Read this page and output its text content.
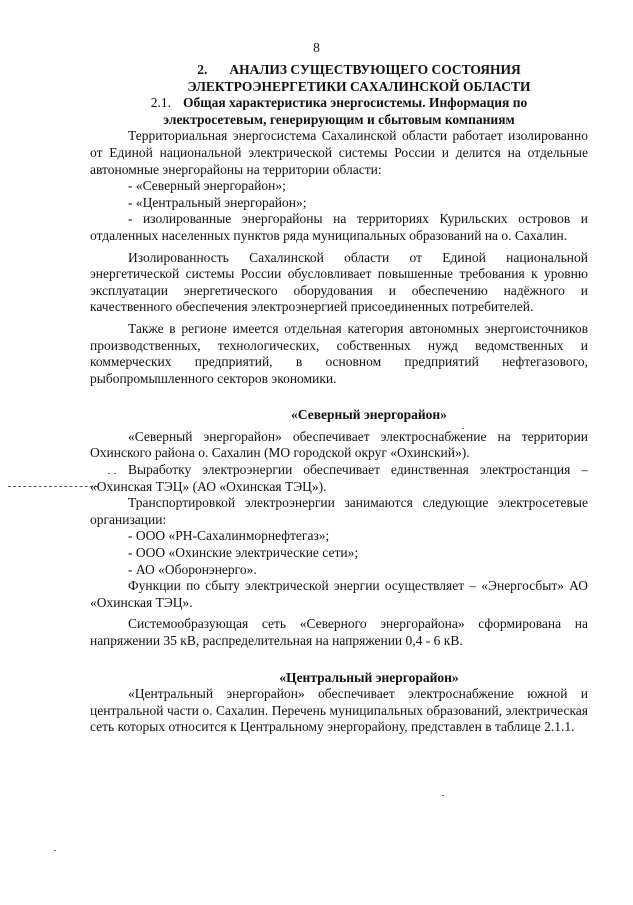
8
2. АНАЛИЗ СУЩЕСТВУЮЩЕГО СОСТОЯНИЯ
ЭЛЕКТРОЭНЕРГЕТИКИ САХАЛИНСКОЙ ОБЛАСТИ
2.1. Общая характеристика энергосистемы. Информация по
электросетевым, генерирующим и сбытовым компаниям

Территориальная энергосистема Сахалинской области работает изолированно от Единой национальной электрической системы России и делится на отдельные автономные энергорайоны на территории области:

- «Северный энергорайон»;

- «Центральный энергорайон»;

- изолированные энергорайоны на территориях Курильских островов и отдаленных населенных пунктов ряда муниципальных образований на о. Сахалин.

Изолированность Сахалинской области от Единой национальной энергетической системы России обусловливает повышенные требования к уровню эксплуатации энергетического оборудования и обеспечению надёжного и качественного обеспечения электроэнергией присоединенных потребителей.

Также в регионе имеется отдельная категория автономных энергоисточников производственных, технологических, собственных нужд ведомственных и коммерческих предприятий, в основном предприятий нефтегазового, рыбопромышленного секторов экономики.

«Северный энергорайон»

«Северный энергорайон» обеспечивает электроснабжение на территории Охинского района о. Сахалин (МО городской округ «Охинский»).

Выработку электроэнергии обеспечивает единственная электростанция – «Охинская ТЭЦ» (АО «Охинская ТЭЦ»).

Транспортировкой электроэнергии занимаются следующие электросетевые организации:

- ООО «РН-Сахалинморнефтегаз»;

- ООО «Охинские электрические сети»;

- АО «Оборонэнерго».

Функции по сбыту электрической энергии осуществляет – «Энергосбыт» АО «Охинская ТЭЦ».

Системообразующая сеть «Северного энергорайона» сформирована на напряжении 35 кВ, распределительная на напряжении 0,4 - 6 кВ.

«Центральный энергорайон»

«Центральный энергорайон» обеспечивает электроснабжение южной и центральной части о. Сахалин. Перечень муниципальных образований, электрическая сеть которых относится к Центральному энергорайону, представлен в таблице 2.1.1.
